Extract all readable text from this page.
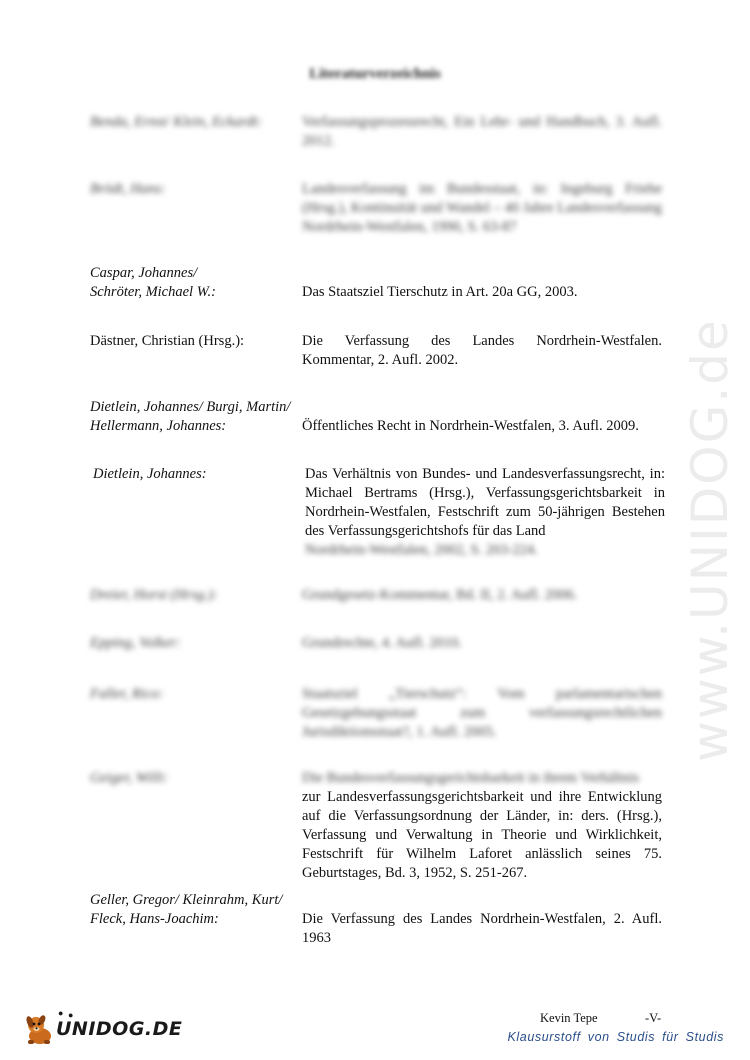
www.UNIDOG.de
Literaturverzeichnis
Benda, Ernst/ Klein, Eckardt:	Verfassungsprozessrecht, Ein Lehr- und Handbuch, 3. Aufl. 2012.
Brödt, Hans:	Landesverfassung im Bundesstaat, in: Ingeburg Friebe (Hrsg.), Kontinuität und Wandel – 40 Jahre Landesverfassung Nordrhein-Westfalen, 1990, S. 63-87
Caspar, Johannes/ Schröter, Michael W.:	Das Staatsziel Tierschutz in Art. 20a GG, 2003.
Dästner, Christian (Hrsg.):	Die Verfassung des Landes Nordrhein-Westfalen. Kommentar, 2. Aufl. 2002.
Dietlein, Johannes/ Burgi, Martin/ Hellermann, Johannes:	Öffentliches Recht in Nordrhein-Westfalen, 3. Aufl. 2009.
Dietlein, Johannes:	Das Verhältnis von Bundes- und Landesverfassungsrecht, in: Michael Bertrams (Hrsg.), Verfassungsgerichtsbarkeit in Nordrhein-Westfalen, Festschrift zum 50-jährigen Bestehen des Verfassungsgerichtshofs für das Land
Nordrhein-Westfalen, 2002, S. 203-224.
Dreier, Horst (Hrsg.):	Grundgesetz-Kommentar, Bd. II, 2. Aufl. 2006.
Epping, Volker:	Grundrechte, 4. Aufl. 2010.
Faller, Rico:	Staatsziel „Tierschutz“: Vom parlamentarischen Gesetzgebungsstaat zum verfassungsrechtlichen Jurisdiktionsstaat?, 1. Aufl. 2005.
Geiger, Willi:	Die Bundesverfassungsgerichtsbarkeit in ihrem Verhältnis
zur Landesverfassungsgerichtsbarkeit und ihre Entwicklung auf die Verfassungsordnung der Länder, in: ders. (Hrsg.), Verfassung und Verwaltung in Theorie und Wirklichkeit, Festschrift für Wilhelm Laforet anlässlich seines 75. Geburtstages, Bd. 3, 1952, S. 251-267.
Geller, Gregor/ Kleinrahm, Kurt/ Fleck, Hans-Joachim:	Die Verfassung des Landes Nordrhein-Westfalen, 2. Aufl. 1963
Kevin Tepe	-V-
● ●
UNIDOG.DE	Klausurstoff von Studis für Studis
